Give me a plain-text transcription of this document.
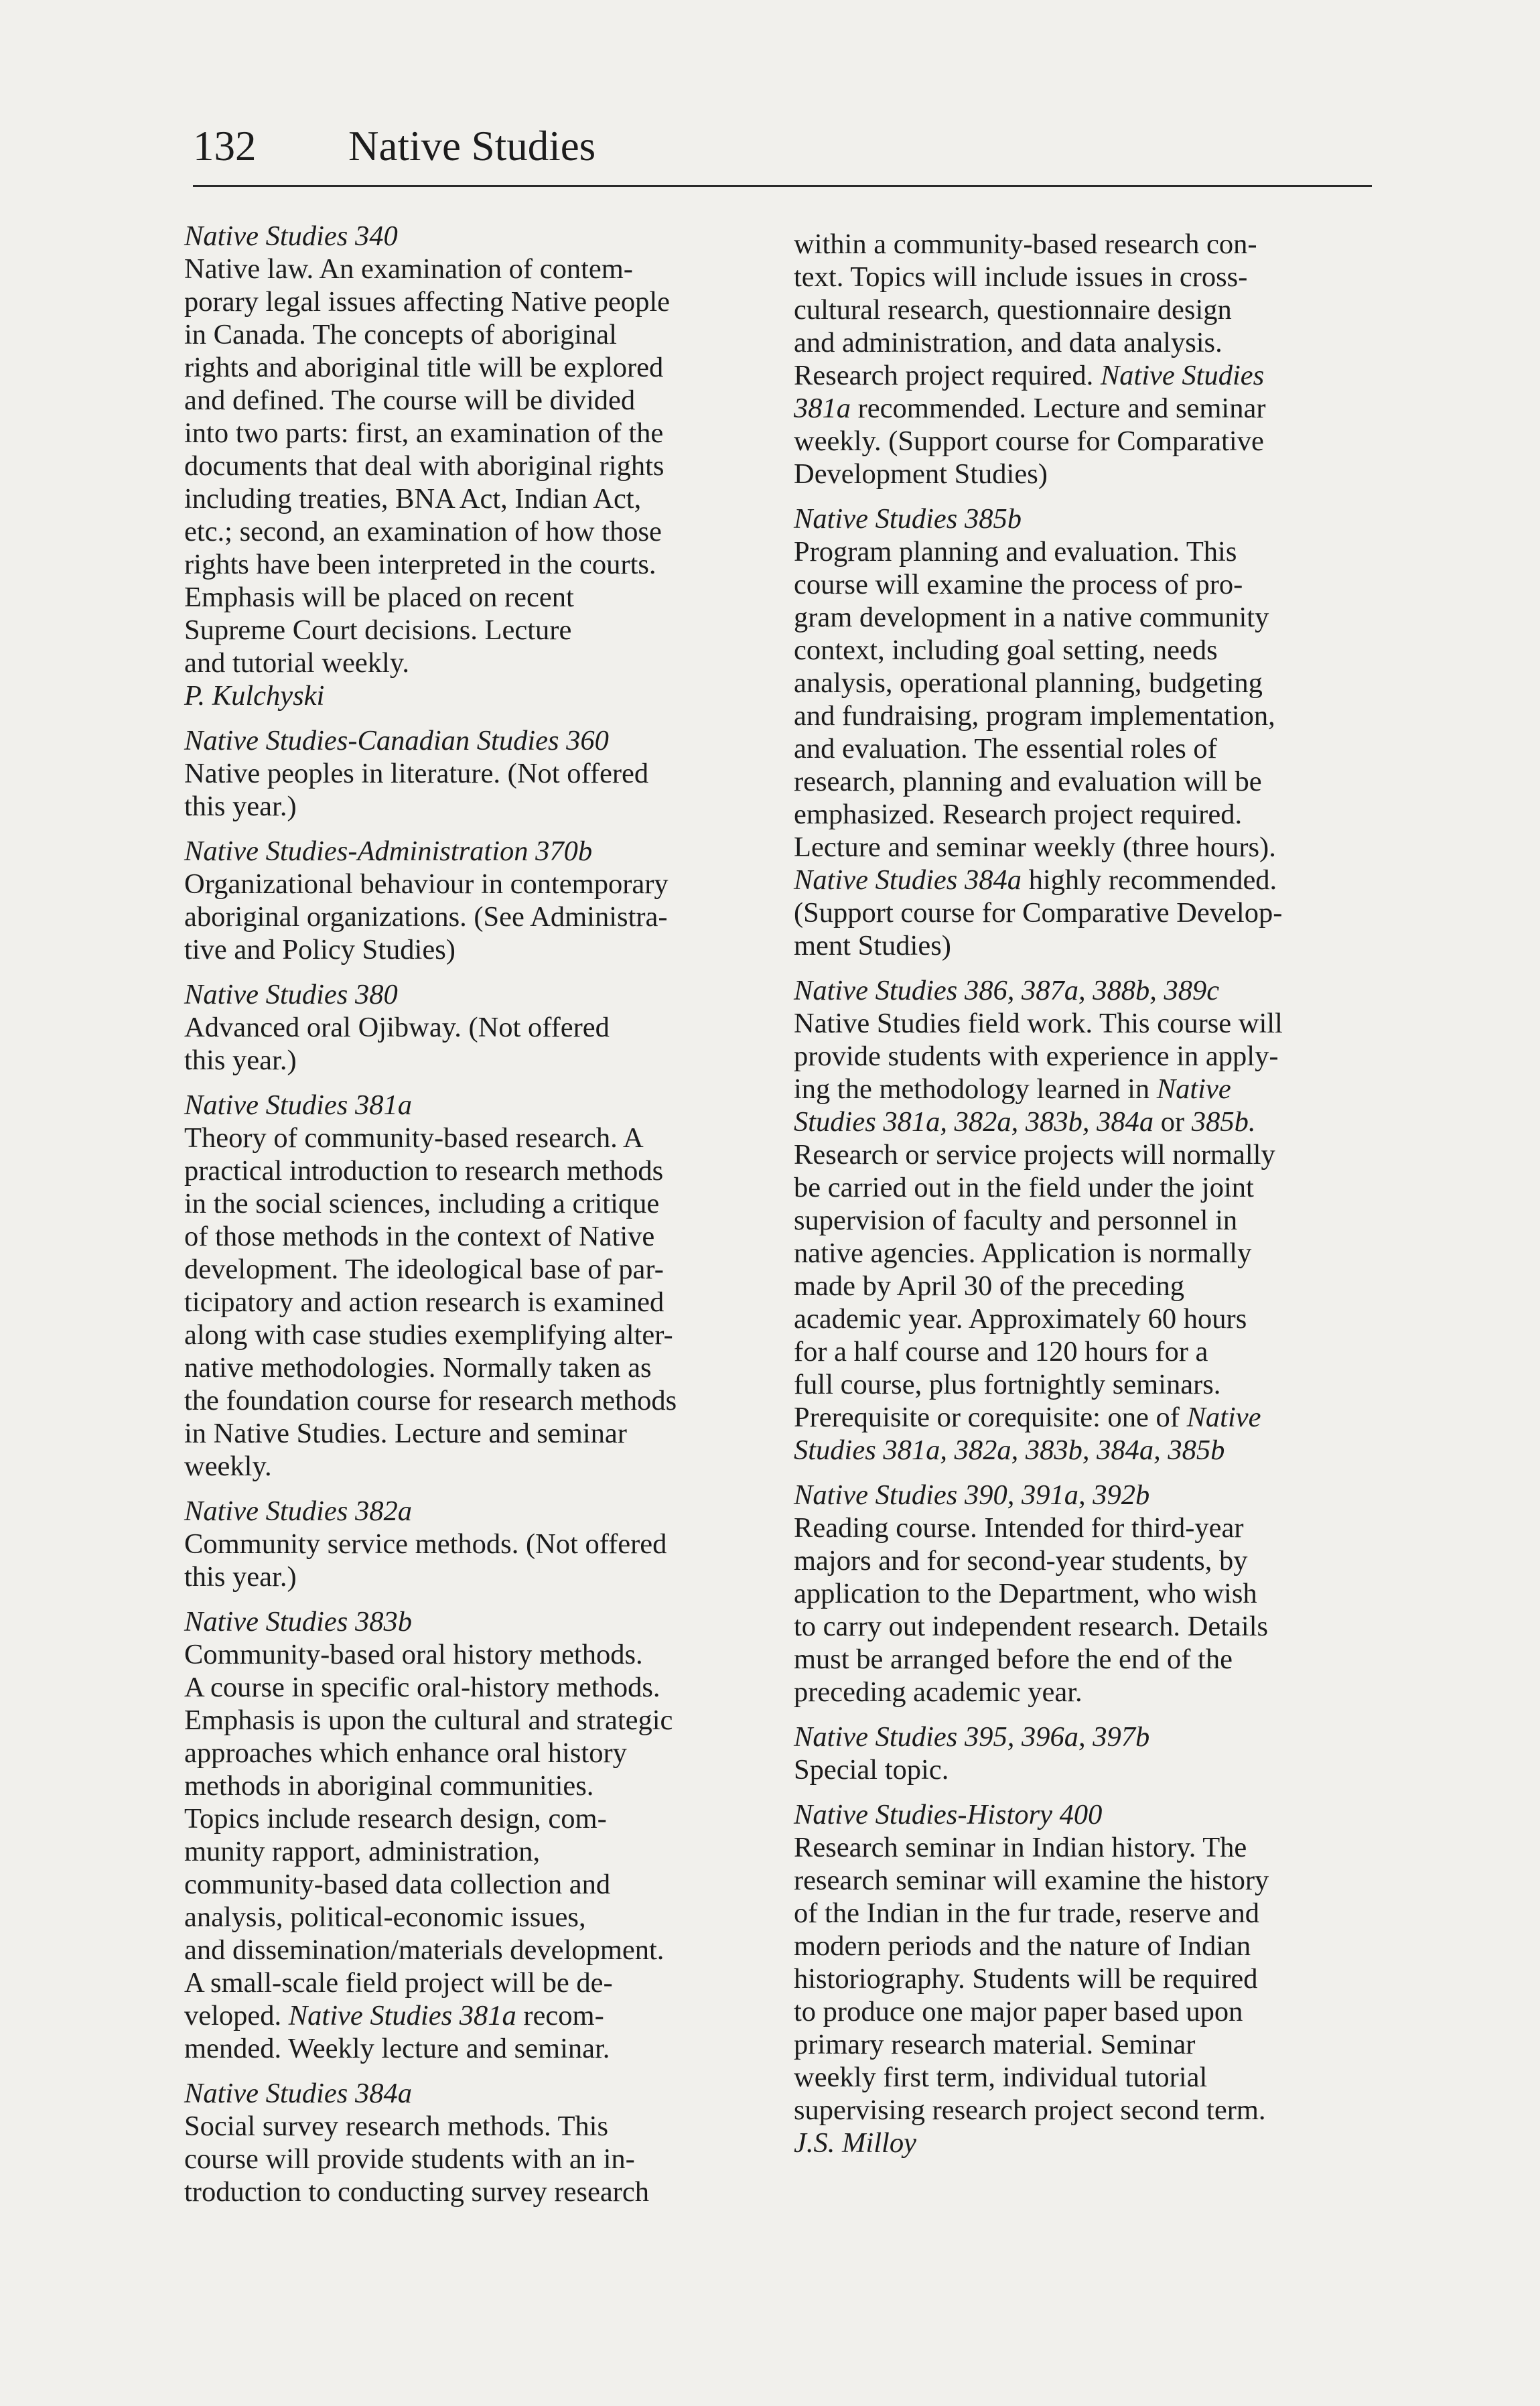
132 Native Studies
Native Studies 340
Native law. An examination of contem-
porary legal issues affecting Native people
in Canada. The concepts of aboriginal
rights and aboriginal title will be explored
and defined. The course will be divided
into two parts: first, an examination of the
documents that deal with aboriginal rights
including treaties, BNA Act, Indian Act,
etc.; second, an examination of how those
rights have been interpreted in the courts.
Emphasis will be placed on recent
Supreme Court decisions. Lecture
and tutorial weekly.
P. Kulchyski
Native Studies-Canadian Studies 360
Native peoples in literature. (Not offered
this year.)
Native Studies-Administration 370b
Organizational behaviour in contemporary
aboriginal organizations. (See Administra-
tive and Policy Studies)
Native Studies 380
Advanced oral Ojibway. (Not offered
this year.)
Native Studies 381a
Theory of community-based research. A
practical introduction to research methods
in the social sciences, including a critique
of those methods in the context of Native
development. The ideological base of par-
ticipatory and action research is examined
along with case studies exemplifying alter-
native methodologies. Normally taken as
the foundation course for research methods
in Native Studies. Lecture and seminar
weekly.
Native Studies 382a
Community service methods. (Not offered
this year.)
Native Studies 383b
Community-based oral history methods.
A course in specific oral-history methods.
Emphasis is upon the cultural and strategic
approaches which enhance oral history
methods in aboriginal communities.
Topics include research design, com-
munity rapport, administration,
community-based data collection and
analysis, political-economic issues,
and dissemination/materials development.
A small-scale field project will be de-
veloped. Native Studies 381a recom-
mended. Weekly lecture and seminar.
Native Studies 384a
Social survey research methods. This
course will provide students with an in-
troduction to conducting survey research
within a community-based research con-
text. Topics will include issues in cross-
cultural research, questionnaire design
and administration, and data analysis.
Research project required. Native Studies
381a recommended. Lecture and seminar
weekly. (Support course for Comparative
Development Studies)
Native Studies 385b
Program planning and evaluation. This
course will examine the process of pro-
gram development in a native community
context, including goal setting, needs
analysis, operational planning, budgeting
and fundraising, program implementation,
and evaluation. The essential roles of
research, planning and evaluation will be
emphasized. Research project required.
Lecture and seminar weekly (three hours).
Native Studies 384a highly recommended.
(Support course for Comparative Develop-
ment Studies)
Native Studies 386, 387a, 388b, 389c
Native Studies field work. This course will
provide students with experience in apply-
ing the methodology learned in Native
Studies 381a, 382a, 383b, 384a or 385b.
Research or service projects will normally
be carried out in the field under the joint
supervision of faculty and personnel in
native agencies. Application is normally
made by April 30 of the preceding
academic year. Approximately 60 hours
for a half course and 120 hours for a
full course, plus fortnightly seminars.
Prerequisite or corequisite: one of Native
Studies 381a, 382a, 383b, 384a, 385b
Native Studies 390, 391a, 392b
Reading course. Intended for third-year
majors and for second-year students, by
application to the Department, who wish
to carry out independent research. Details
must be arranged before the end of the
preceding academic year.
Native Studies 395, 396a, 397b
Special topic.
Native Studies-History 400
Research seminar in Indian history. The
research seminar will examine the history
of the Indian in the fur trade, reserve and
modern periods and the nature of Indian
historiography. Students will be required
to produce one major paper based upon
primary research material. Seminar
weekly first term, individual tutorial
supervising research project second term.
J.S. Milloy
